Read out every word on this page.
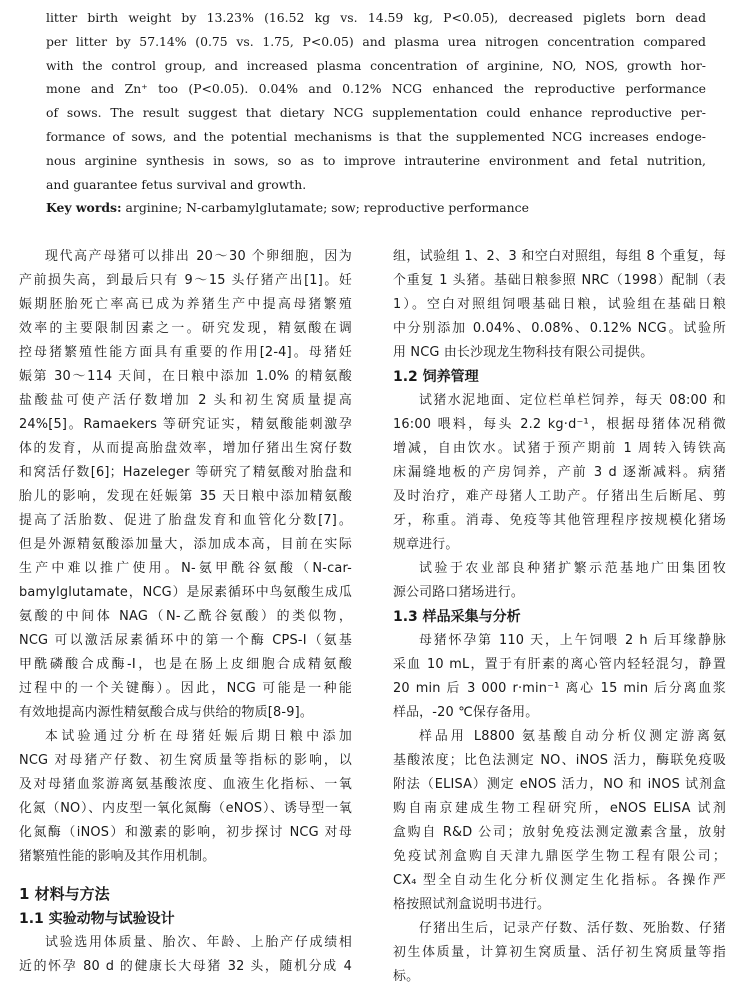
litter birth weight by 13.23% (16.52 kg vs. 14.59 kg, P<0.05), decreased piglets born dead
per litter by 57.14% (0.75 vs. 1.75, P<0.05) and plasma urea nitrogen concentration compared
with the control group, and increased plasma concentration of arginine, NO, NOS, growth hor-
mone and Zn⁺ too (P<0.05). 0.04% and 0.12% NCG enhanced the reproductive performance
of sows. The result suggest that dietary NCG supplementation could enhance reproductive per-
formance of sows, and the potential mechanisms is that the supplemented NCG increases endoge-
nous arginine synthesis in sows, so as to improve intrauterine environment and fetal nutrition,
and guarantee fetus survival and growth.
Key words: arginine; N-carbamylglutamate; sow; reproductive performance
现代高产母猪可以排出 20～30 个卵细胞，因为
产前损失高，到最后只有 9～15 头仔猪产出[1]。妊
娠期胚胎死亡率高已成为养猪生产中提高母猪繁殖
效率的主要限制因素之一。研究发现，精氨酸在调
控母猪繁殖性能方面具有重要的作用[2-4]。母猪妊
娠第 30～114 天间，在日粮中添加 1.0% 的精氨酸
盐酸盐可使产活仔数增加 2 头和初生窝质量提高
24%[5]。Ramaekers 等研究证实，精氨酸能刺激孕
体的发育，从而提高胎盘效率，增加仔猪出生窝仔数
和窝活仔数[6]；Hazeleger 等研究了精氨酸对胎盘和
胎儿的影响，发现在妊娠第 35 天日粮中添加精氨酸
提高了活胎数、促进了胎盘发育和血管化分数[7]。
但是外源精氨酸添加量大，添加成本高，目前在实际
生产中难以推广使用。N-氨甲酰谷氨酸（N-car-
bamylglutamate，NCG）是尿素循环中鸟氨酸生成瓜
氨酸的中间体 NAG（N-乙酰谷氨酸）的类似物，
NCG 可以激活尿素循环中的第一个酶 CPS-I（氨基
甲酰磷酸合成酶-I，也是在肠上皮细胞合成精氨酸
过程中的一个关键酶）。因此，NCG 可能是一种能
有效地提高内源性精氨酸合成与供给的物质[8-9]。
本试验通过分析在母猪妊娠后期日粮中添加
NCG 对母猪产仔数、初生窝质量等指标的影响，以
及对母猪血浆游离氨基酸浓度、血液生化指标、一氧
化氮（NO）、内皮型一氧化氮酶（eNOS）、诱导型一氧
化氮酶（iNOS）和激素的影响，初步探讨 NCG 对母
猪繁殖性能的影响及其作用机制。
1 材料与方法
1.1 实验动物与试验设计
试验选用体质量、胎次、年龄、上胎产仔成绩相
近的怀孕 80 d 的健康长大母猪 32 头，随机分成 4
组，试验组 1、2、3 和空白对照组，每组 8 个重复，每
个重复 1 头猪。基础日粮参照 NRC（1998）配制（表
1）。空白对照组饲喂基础日粮，试验组在基础日粮
中分别添加 0.04%、0.08%、0.12% NCG。试验所
用 NCG 由长沙现龙生物科技有限公司提供。
1.2 饲养管理
试猪水泥地面、定位栏单栏饲养，每天 08:00 和
16:00 喂料，每头 2.2 kg·d⁻¹，根据母猪体况稍微
增减，自由饮水。试猪于预产期前 1 周转入铸铁高
床漏缝地板的产房饲养，产前 3 d 逐渐减料。病猪
及时治疗，难产母猪人工助产。仔猪出生后断尾、剪
牙，称重。消毒、免疫等其他管理程序按规模化猪场
规章进行。
试验于农业部良种猪扩繁示范基地广田集团牧
源公司路口猪场进行。
1.3 样品采集与分析
母猪怀孕第 110 天，上午饲喂 2 h 后耳缘静脉
采血 10 mL，置于有肝素的离心管内轻轻混匀，静置
20 min 后 3 000 r·min⁻¹ 离心 15 min 后分离血浆
样品，-20 ℃保存备用。
样品用 L8800 氨基酸自动分析仪测定游离氨
基酸浓度；比色法测定 NO、iNOS 活力，酶联免疫吸
附法（ELISA）测定 eNOS 活力，NO 和 iNOS 试剂盒
购自南京建成生物工程研究所，eNOS ELISA 试剂
盒购自 R&D 公司；放射免疫法测定激素含量，放射
免疫试剂盒购自天津九鼎医学生物工程有限公司；
CX₄ 型全自动生化分析仪测定生化指标。各操作严
格按照试剂盒说明书进行。
仔猪出生后，记录产仔数、活仔数、死胎数、仔猪
初生体质量，计算初生窝质量、活仔初生窝质量等指
标。
